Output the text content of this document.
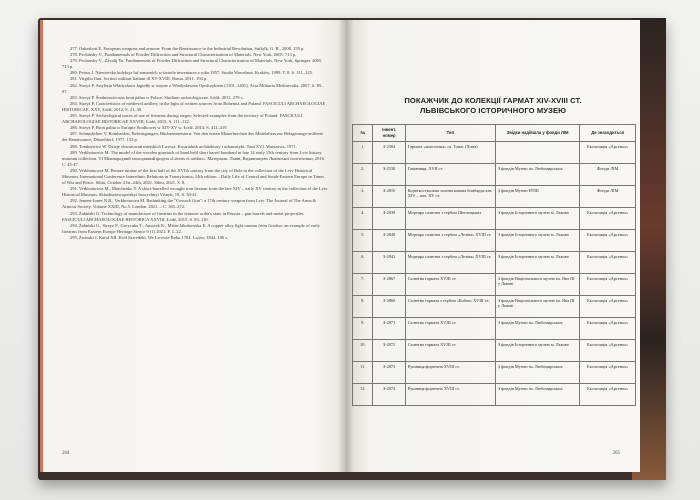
277. Oakeshott E. European weapons and armour: From the Renaissance to the Industrial Revolution, Suffolk, G. B., 2000. 155 p.
278. Pecharsky V., Fundamentals of Powder Diffraction and Structural Characterization of Materials. New York, 2005. 713 p.
279. Pecharsky V., Zavalij Yu. Fundamentals of Powder Diffraction and Structural Characterization of Materials. New York, Springer. 2005. 713 p.
280. Petrus J. Niewierska kolekcja luf armatnich w świetle inwentarza z roku 1857. Studia Wawelana. Kraków, 1999. T. 8. S. 111–125.
281. Virgilio Ilari. Scritori militari Italiani dl XV-XVIII. Roma. 2011. 194 p.
282. Strzyż P. Artyleria Władysława Jagiełły w wojnie z Władysławem Opolczykiem (1391–1401). Acta Militaria Mediaevalia. 2007. S. 85–97.
283. Strzyż P. Średniowieczna broń palna w Polsce. Studium archeologiczne. Łódź. 2011. 278 s.
284. Strzyż P. Caracteristics of medieval artillery in the light of written sources from Bohemia and Poland. FASCICULI ARCHAEOLOGIAE HISTORICAE, XXV, Łódź, 2012. S. 21–30.
285. Strzyż P. Archeological traces of use of firearms during sieges: Selected examples from the territory of Poland. FASCICULI ARCHAEOLOGIAE HISTORICAE XXVIII, Łódź, 2015. S. 111–122.
286. Strzyż P. Broń palna w Europie Środkowej w XIV-XV w. Łódź. 2014. S. 411–419.
287. Schmidtchen V. Bombarden, Befestigungen, Büchsenmeistern: Von den ersten Mauerbrechen des Mittelalters zur Belagerungs-artillerie der Renaissance, Düsseldorf, 1977. 153 p.
288. Tomkiewicz W. Dzieje obwarowań miejskich Lwowa. Kwartalnik architektury i urbanistyki. Tom XVI. Warszawa, 1971.
289. Verkhoturova M. The model of the wooden gunstock of hand held short barrel bombard in late 14 early 15th century from Lviv history museum collection. VI Міжнародний молодіжний форум «Litteris et artibus». Матеріали. Львів, Видавництво Львівської політехніки, 2016. С. 45-47.
290. Verkhoturova M. Bronze mortar of the first half of the XVIth century from the city of Belz in the collection of the Lviv Historical Museum. International Conference Interethnic Relations in Transylvania, 14th edition – Daily Life of Central and South-Eastern Europe in Times of War and Peace. Sibiu, October 21st–24th, 2021. Sibiu, 2021. S. 8.
291. Verkhoturova M., Marchenko Y. A short-barrelled wrought iron firearm from the late XIV – early XV century in the collection of the Lviv Historical Museum. Skhodnoievropeiskyi Istorychnyi Visnyk, 19, S. 30-41.
292. Jenzen-Jones N.R., Verkhoturova M. Rethinking the "Cossack Gun": a 17th century weapon from Lviv. The Journal of The Arms & Armour Society. Volume XXIII, No.5. London. 2021. – С. 365–372.
293. Żabiński G. Technology of manufacture of firearms in the teutonic order's state in Prussia – gun barrels and metal projectiles. FASCICULI ARCHAEOLOGIAE HISTORICA XXVIII, Łódź, 2015. S. 83–110.
294. Żabiński G., Strzyż P., Gorycuka T., Ansotek K., Miśta-Jakubowska E. A copper alloy light cannon from Grodno: an example of early firearms from Eastern Europe Heritage Sience 9 (1) 2021. P. 1–22.
295. Żwinski J. Karol XII. Król Szwedzki. We Lwowie Roku 1704. Lwów, 1842. 100 s.
264
ПОКАЖЧИК ДО КОЛЕКЦІЇ ГАРМАТ XIV-XVIII СТ.
ЛЬВІВСЬКОГО ІСТОРИЧНОГО МУЗЕЮ
№	Інвент. номер	Тип	Звідки надійшла у фонди ЛІМ	Де знаходиться
1.	З-2384	Гармата «апостолка» св. Томас (Хома)		Експозиція «Арсенал»
2.	З-2530	Гаківниця, XVII ст.	З фондів Музею ім. Любомирських	Фонди ЛІМ
3.	З-2810	Короткоствольна залізна кована бомбарда кін. XIV – поч. XV ст.	З фондів Музею НТШ	Фонди ЛІМ
4.	З-2839	Мортира салютна з гербом Шептицьких	З фондів Історичного музею м. Львова	Експозиція «Арсенал»
5.	З-2840	Мортира салютна з гербом «Леліва» XVIII ст.	З фондів Історичного музею м. Львова	Експозиція «Арсенал»
6.	З-2841	Мортира салютна з гербом «Леліва» XVIII ст.	З фондів Історичного музею м. Львова	Експозиція «Арсенал»
7.	З-2867	Салютна гармата XVIII ст.	З фондів Національного музею ім. Яна III у Львові	Експозиція «Арсенал»
8.	З-2868	Салютна гармата з гербом «Бойча» XVIII ст.	З фондів Національного музею ім. Яна III у Львові	Експозиція «Арсенал»
9.	З-2871	Салютна гармата XVIII ст.	З фондів Музею ім. Любомирських	Експозиція «Арсенал»
10.	З-2872	Салютна гармата XVIII ст.	З фондів Історичного музею м. Львова	Експозиція «Арсенал»
11.	З-2873	Рушниця фортечна XVIII ст.	З фондів Музею ім. Любомирських	Експозиція «Арсенал»
12.	З-2874	Рушниця фортечна XVIII ст.	З фондів Музею ім. Любомирських	Експозиція «Арсенал»
265
